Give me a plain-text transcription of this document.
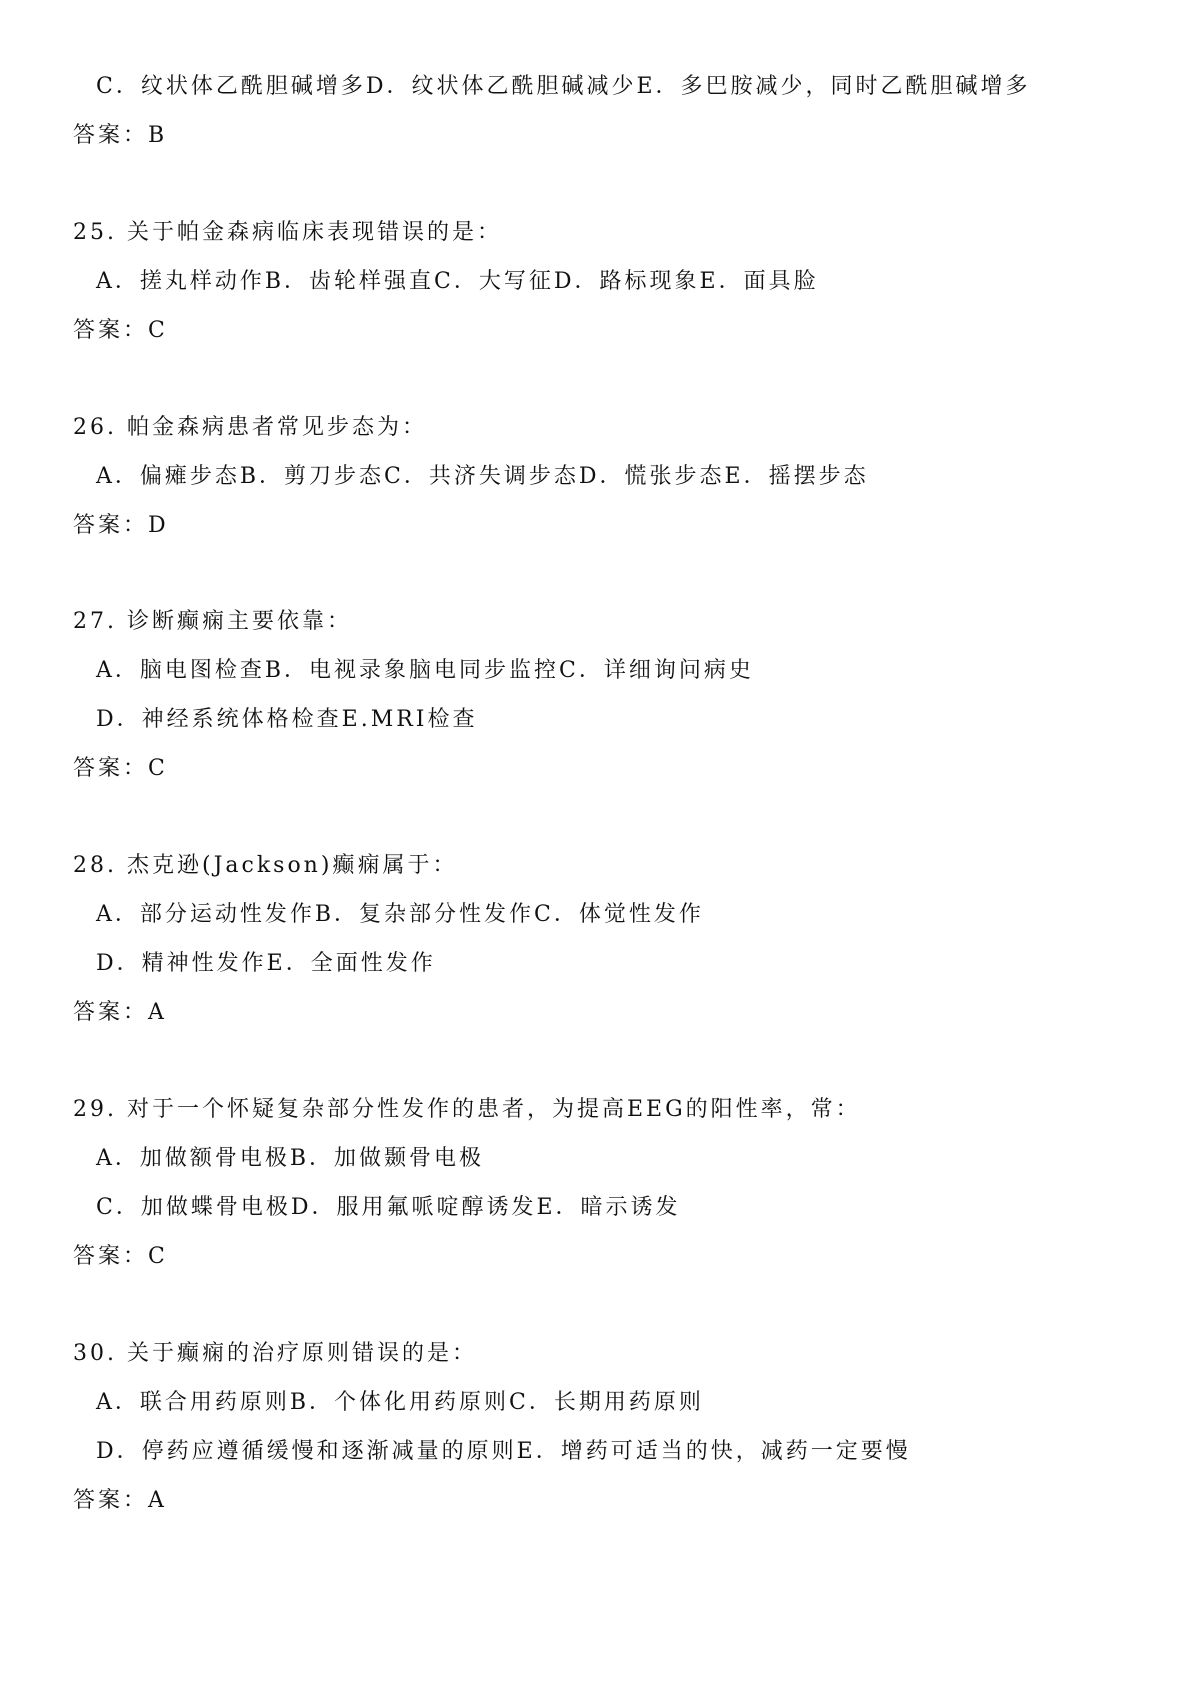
C．纹状体乙酰胆碱增多D．纹状体乙酰胆碱减少E．多巴胺减少，同时乙酰胆碱增多
答案：B
25. 关于帕金森病临床表现错误的是：
A．搓丸样动作B．齿轮样强直C．大写征D．路标现象E．面具脸
答案：C
26. 帕金森病患者常见步态为：
A．偏瘫步态B．剪刀步态C．共济失调步态D．慌张步态E．摇摆步态
答案：D
27. 诊断癫痫主要依靠：
A．脑电图检查B．电视录象脑电同步监控C．详细询问病史
D．神经系统体格检查E.MRI检查
答案：C
28. 杰克逊(Jackson)癫痫属于：
A．部分运动性发作B．复杂部分性发作C．体觉性发作
D．精神性发作E．全面性发作
答案：A
29. 对于一个怀疑复杂部分性发作的患者，为提高EEG的阳性率，常：
A．加做额骨电极B．加做颞骨电极
C．加做蝶骨电极D．服用氟哌啶醇诱发E．暗示诱发
答案：C
30. 关于癫痫的治疗原则错误的是：
A．联合用药原则B．个体化用药原则C．长期用药原则
D．停药应遵循缓慢和逐渐减量的原则E．增药可适当的快，减药一定要慢
答案：A
